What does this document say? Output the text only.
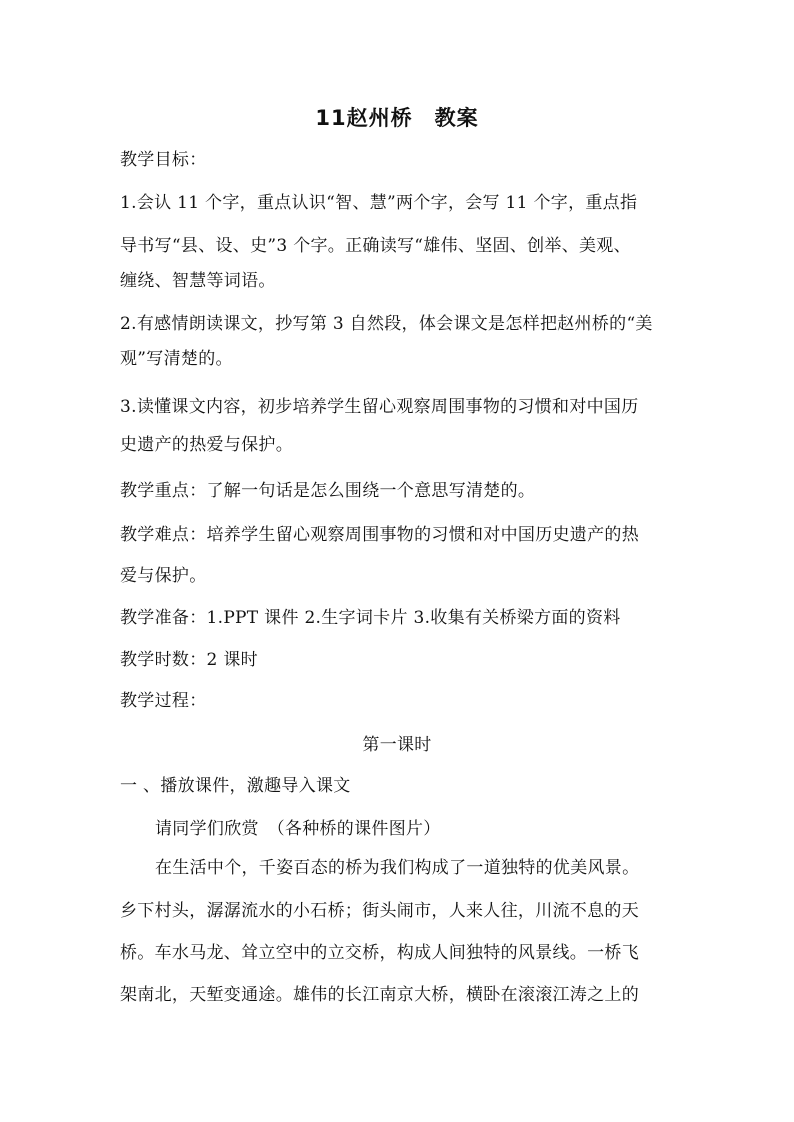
11赵州桥　教案
教学目标：
1.会认 11 个字，重点认识“智、慧”两个字，会写 11 个字，重点指
导书写“县、设、史”3 个字。正确读写“雄伟、坚固、创举、美观、
缠绕、智慧等词语。
2.有感情朗读课文，抄写第 3 自然段，体会课文是怎样把赵州桥的“美
观”写清楚的。
3.读懂课文内容，初步培养学生留心观察周围事物的习惯和对中国历
史遗产的热爱与保护。
教学重点：了解一句话是怎么围绕一个意思写清楚的。
教学难点：培养学生留心观察周围事物的习惯和对中国历史遗产的热
爱与保护。
教学准备：1.PPT 课件 2.生字词卡片 3.收集有关桥梁方面的资料
教学时数：2 课时
教学过程：
第一课时
一 、播放课件，激趣导入课文
请同学们欣赏　（各种桥的课件图片）
在生活中个，千姿百态的桥为我们构成了一道独特的优美风景。
乡下村头，潺潺流水的小石桥；街头闹市，人来人往，川流不息的天
桥。车水马龙、耸立空中的立交桥，构成人间独特的风景线。一桥飞
架南北，天堑变通途。雄伟的长江南京大桥，横卧在滚滚江涛之上的
